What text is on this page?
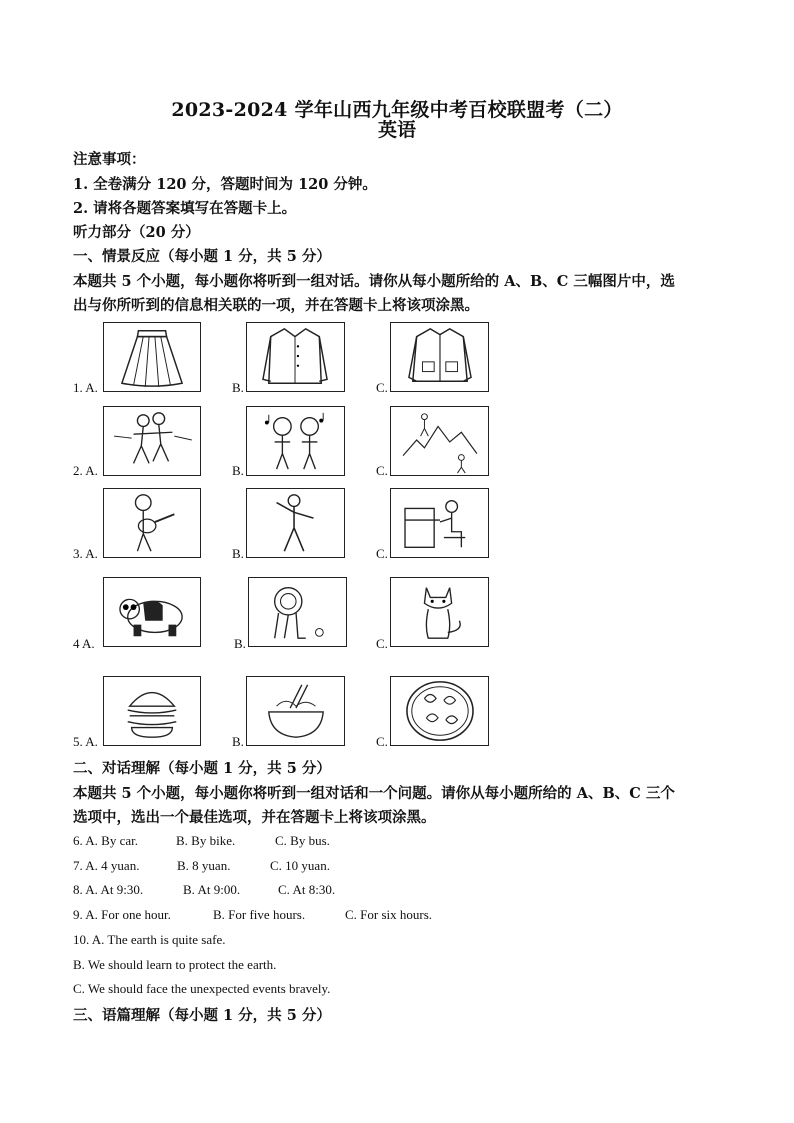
2023-2024 学年山西九年级中考百校联盟考（二）
英语
注意事项：
1. 全卷满分 120 分，答题时间为 120 分钟。
2. 请将各题答案填写在答题卡上。
听力部分（20 分）
一、情景反应（每小题 1 分，共 5 分）
本题共 5 个小题，每小题你将听到一组对话。请你从每小题所给的 A、B、C 三幅图片中，选
出与你所听到的信息相关联的一项，并在答题卡上将该项涂黑。
1. A.	B.	C.
2. A.	B.	C.
3. A.	B.	C.
4 A.	B.	C.
5. A.	B.	C.
二、对话理解（每小题 1 分，共 5 分）
本题共 5 个小题，每小题你将听到一组对话和一个问题。请你从每小题所给的 A、B、C 三个
选项中，选出一个最佳选项，并在答题卡上将该项涂黑。
6. A. By car.	B. By bike.	C. By bus.
7. A. 4 yuan.	B. 8 yuan.	C. 10 yuan.
8. A. At 9:30.	B. At 9:00.	C. At 8:30.
9. A. For one hour.	B. For five hours.	C. For six hours.
10. A. The earth is quite safe.
B. We should learn to protect the earth.
C. We should face the unexpected events bravely.
三、语篇理解（每小题 1 分，共 5 分）
